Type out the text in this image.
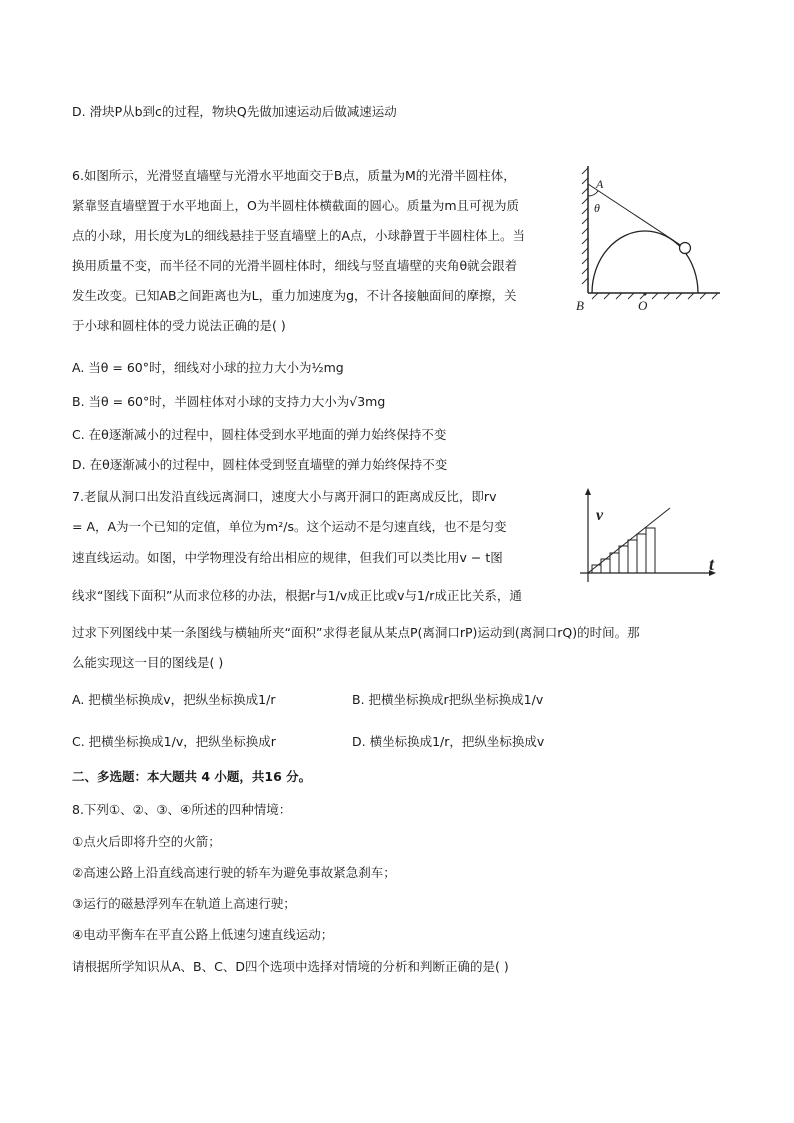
D. 滑块P从b到c的过程，物块Q先做加速运动后做减速运动
6.如图所示，光滑竖直墙壁与光滑水平地面交于B点，质量为M的光滑半圆柱体，
紧靠竖直墙壁置于水平地面上，O为半圆柱体横截面的圆心。质量为m且可视为质
点的小球，用长度为L的细线悬挂于竖直墙壁上的A点，小球静置于半圆柱体上。当
换用质量不变，而半径不同的光滑半圆柱体时，细线与竖直墙壁的夹角θ就会跟着
发生改变。已知AB之间距离也为L，重力加速度为g，不计各接触面间的摩擦，关
于小球和圆柱体的受力说法正确的是( )
A. 当θ = 60°时，细线对小球的拉力大小为½mg
B. 当θ = 60°时，半圆柱体对小球的支持力大小为√3mg
C. 在θ逐渐减小的过程中，圆柱体受到水平地面的弹力始终保持不变
D. 在θ逐渐减小的过程中，圆柱体受到竖直墙壁的弹力始终保持不变
A
θ
B	O
7.老鼠从洞口出发沿直线远离洞口，速度大小与离开洞口的距离成反比，即rv
= A，A为一个已知的定值，单位为m²/s。这个运动不是匀速直线，也不是匀变
速直线运动。如图，中学物理没有给出相应的规律，但我们可以类比用v − t图
线求“图线下面积”从而求位移的办法，根据r与1/v成正比或v与1/r成正比关系，通
过求下列图线中某一条图线与横轴所夹“面积”求得老鼠从某点P(离洞口rP)运动到(离洞口rQ)的时间。那
么能实现这一目的图线是( )
A. 把横坐标换成v，把纵坐标换成1/r	B. 把横坐标换成r把纵坐标换成1/v
C. 把横坐标换成1/v，把纵坐标换成r	D. 横坐标换成1/r，把纵坐标换成v
v
t
二、多选题：本大题共 4 小题，共16 分。
8.下列①、②、③、④所述的四种情境：
①点火后即将升空的火箭；
②高速公路上沿直线高速行驶的轿车为避免事故紧急刹车；
③运行的磁悬浮列车在轨道上高速行驶；
④电动平衡车在平直公路上低速匀速直线运动；
请根据所学知识从A、B、C、D四个选项中选择对情境的分析和判断正确的是( )
